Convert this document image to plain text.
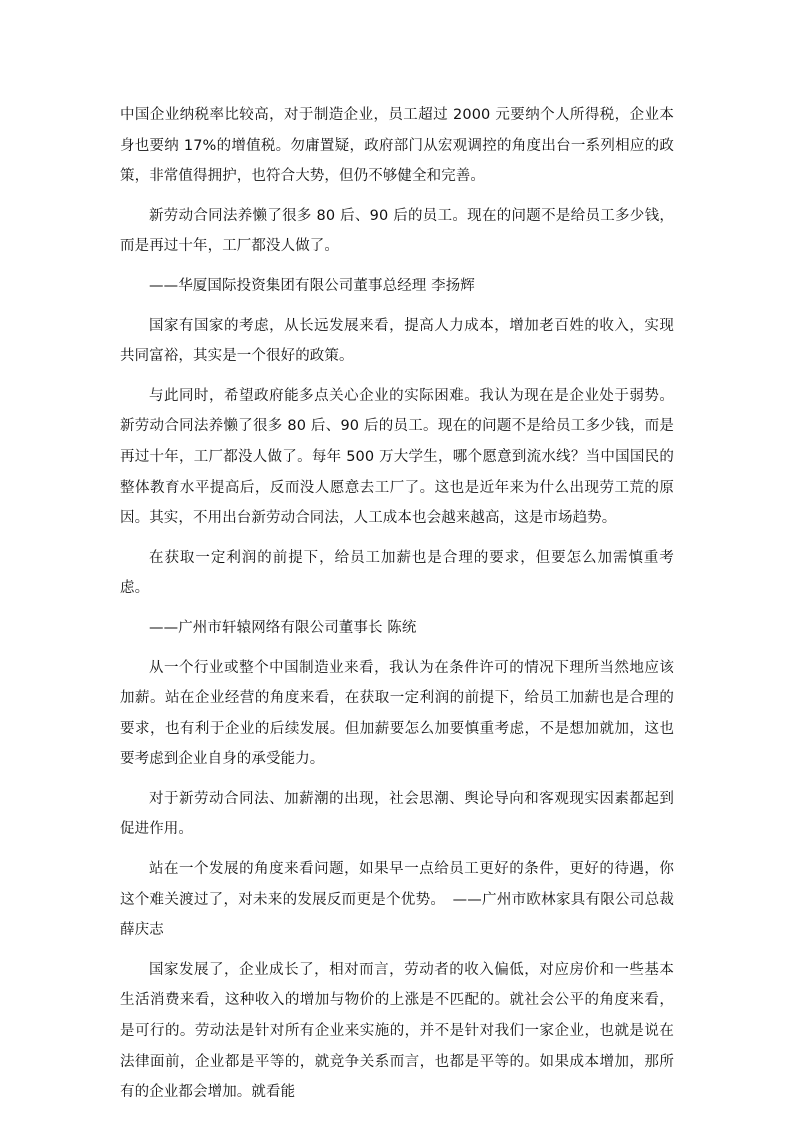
中国企业纳税率比较高，对于制造企业，员工超过 2000 元要纳个人所得税，企业本身也要纳 17%的增值税。勿庸置疑，政府部门从宏观调控的角度出台一系列相应的政策，非常值得拥护，也符合大势，但仍不够健全和完善。

新劳动合同法养懒了很多 80 后、90 后的员工。现在的问题不是给员工多少钱，而是再过十年，工厂都没人做了。

——华厦国际投资集团有限公司董事总经理 李扬辉

国家有国家的考虑，从长远发展来看，提高人力成本，增加老百姓的收入，实现共同富裕，其实是一个很好的政策。

与此同时，希望政府能多点关心企业的实际困难。我认为现在是企业处于弱势。新劳动合同法养懒了很多 80 后、90 后的员工。现在的问题不是给员工多少钱，而是再过十年，工厂都没人做了。每年 500 万大学生，哪个愿意到流水线？当中国国民的整体教育水平提高后，反而没人愿意去工厂了。这也是近年来为什么出现劳工荒的原因。其实，不用出台新劳动合同法，人工成本也会越来越高，这是市场趋势。

在获取一定利润的前提下，给员工加薪也是合理的要求，但要怎么加需慎重考虑。

——广州市轩辕网络有限公司董事长 陈统

从一个行业或整个中国制造业来看，我认为在条件许可的情况下理所当然地应该加薪。站在企业经营的角度来看，在获取一定利润的前提下，给员工加薪也是合理的要求，也有利于企业的后续发展。但加薪要怎么加要慎重考虑，不是想加就加，这也要考虑到企业自身的承受能力。

对于新劳动合同法、加薪潮的出现，社会思潮、舆论导向和客观现实因素都起到促进作用。

站在一个发展的角度来看问题，如果早一点给员工更好的条件，更好的待遇，你这个难关渡过了，对未来的发展反而更是个优势。　——广州市欧林家具有限公司总裁 薛庆志

国家发展了，企业成长了，相对而言，劳动者的收入偏低，对应房价和一些基本生活消费来看，这种收入的增加与物价的上涨是不匹配的。就社会公平的角度来看，是可行的。劳动法是针对所有企业来实施的，并不是针对我们一家企业，也就是说在法律面前，企业都是平等的，就竞争关系而言，也都是平等的。如果成本增加，那所有的企业都会增加。就看能
